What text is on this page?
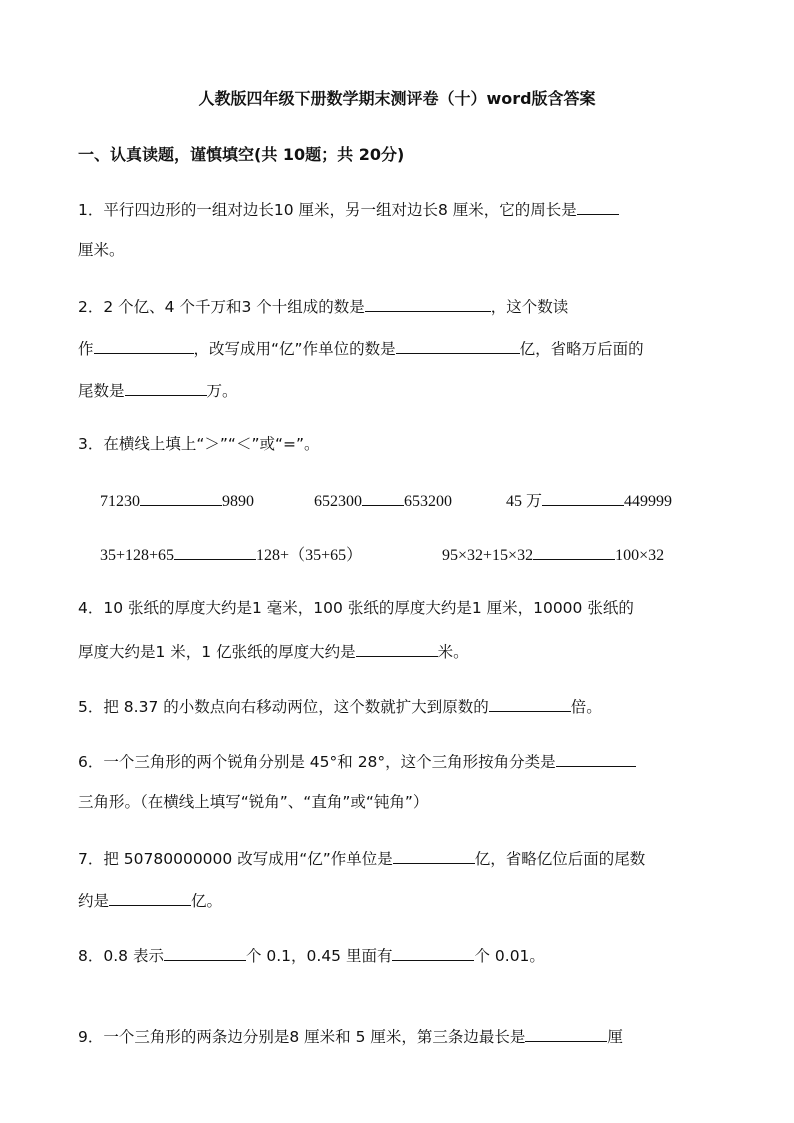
人教版四年级下册数学期末测评卷（十）word版含答案
一、认真读题，谨慎填空(共 10题；共 20分)
1．平行四边形的一组对边长10 厘米，另一组对边长8 厘米，它的周长是
厘米。
2．2 个亿、4 个千万和3 个十组成的数是	，这个数读
作	，改写成用“亿”作单位的数是	亿，省略万后面的
尾数是	万。
3．在横线上填上“＞”“＜”或“=”。
71230	9890	652300	653200	45 万	449999
35+128+65	128+（35+65）	95×32+15×32	100×32
4．10 张纸的厚度大约是1 毫米，100 张纸的厚度大约是1 厘米，10000 张纸的
厚度大约是1 米，1 亿张纸的厚度大约是	米。
5．把 8.37 的小数点向右移动两位，这个数就扩大到原数的	倍。
6．一个三角形的两个锐角分别是 45°和 28°，这个三角形按角分类是
三角形。（在横线上填写“锐角”、“直角”或“钝角”）
7．把 50780000000 改写成用“亿”作单位是	亿，省略亿位后面的尾数
约是	亿。
8．0.8 表示	个 0.1，0.45 里面有	个 0.01。
9．一个三角形的两条边分别是8 厘米和 5 厘米，第三条边最长是	厘
